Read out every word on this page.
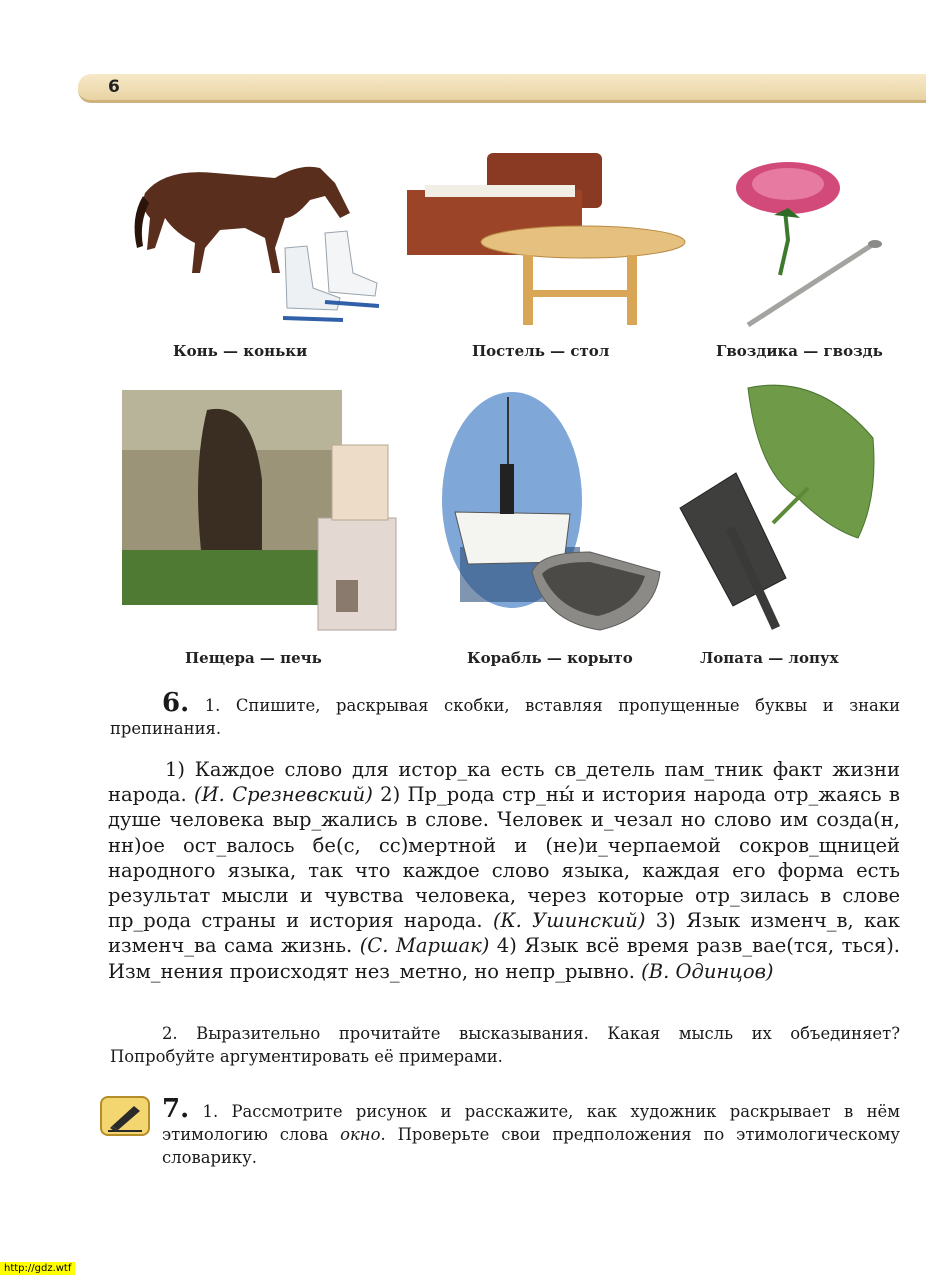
6
Конь — коньки	Постель — стол	Гвоздика — гвоздь
Пещера — печь	Корабль — корыто	Лопата — лопух
6. 1. Спишите, раскрывая скобки, вставляя пропущенные буквы и знаки препинания.
1) Каждое слово для истор_ка есть св_детель пам_тник факт жизни народа. (И. Срезневский) 2) Пр_рода стр_ны́ и история народа отр_жаясь в душе человека выр_жались в слове. Человек и_чезал но слово им созда(н, нн)ое ост_валось бе(с, сс)мертной и (не)и_черпаемой сокров_щницей народного языка, так что каждое слово языка, каждая его форма есть результат мысли и чувства человека, через которые отр_зилась в слове пр_рода страны и история народа. (К. Ушинский) 3) Язык изменч_в, как изменч_ва сама жизнь. (С. Маршак) 4) Язык всё время разв_вае(тся, ться). Изм_нения происходят нез_метно, но непр_рывно. (В. Одинцов)
2. Выразительно прочитайте высказывания. Какая мысль их объединяет? Попробуйте аргументировать её примерами.
7. 1. Рассмотрите рисунок и расскажите, как художник раскрывает в нём этимологию слова окно. Проверьте свои предположения по этимологическому словарику.
http://gdz.wtf
